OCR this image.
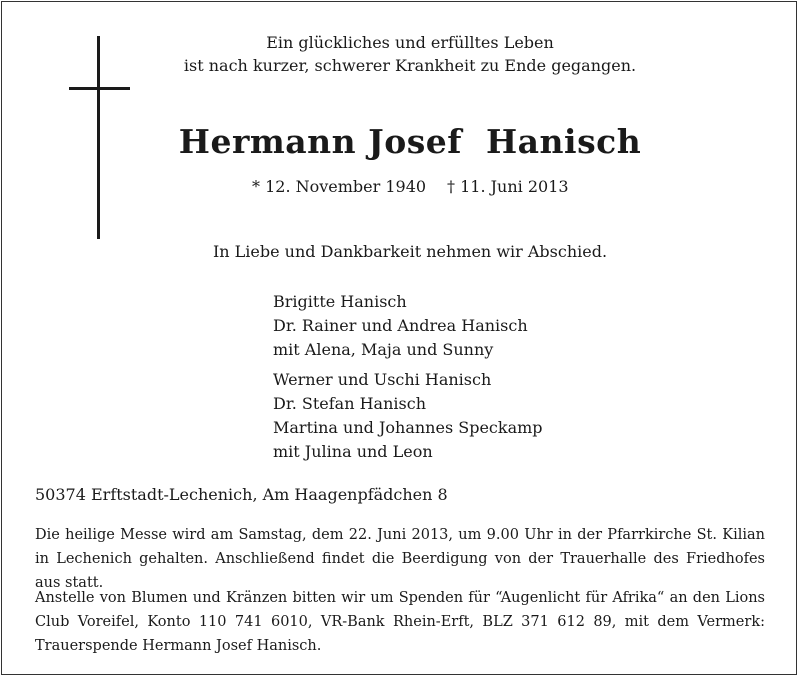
Ein glückliches und erfülltes Leben
ist nach kurzer, schwerer Krankheit zu Ende gegangen.
Hermann Josef  Hanisch
* 12. November 1940 † 11. Juni 2013
In Liebe und Dankbarkeit nehmen wir Abschied.
Brigitte Hanisch
Dr. Rainer und Andrea Hanisch
mit Alena, Maja und Sunny
Werner und Uschi Hanisch
Dr. Stefan Hanisch
Martina und Johannes Speckamp
mit Julina und Leon
50374 Erftstadt-Lechenich, Am Haagenpfädchen 8
Die heilige Messe wird am Samstag, dem 22. Juni 2013, um 9.00 Uhr in der Pfarrkirche St. Kilian in Lechenich gehalten. Anschließend findet die Beerdigung von der Trauerhalle des Friedhofes aus statt.
Anstelle von Blumen und Kränzen bitten wir um Spenden für “Augenlicht für Afrika“ an den Lions Club Voreifel, Konto 110 741 6010, VR-Bank Rhein-Erft, BLZ 371 612 89, mit dem Vermerk: Trauerspende Hermann Josef Hanisch.
